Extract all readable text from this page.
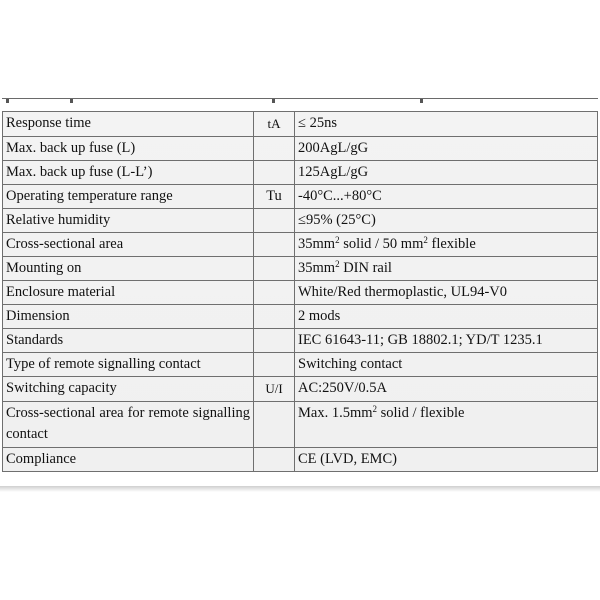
Response time	tA	≤ 25ns
Max. back up fuse (L)		200AgL/gG
Max. back up fuse (L-L’)		125AgL/gG
Operating temperature range	Tu	-40°C...+80°C
Relative humidity		≤95% (25°C)
Cross-sectional area		$35mm^2$ solid / 50 $mm^2$ flexible
Mounting on		$35mm^2$ DIN rail
Enclosure material		White/Red thermoplastic, UL94-V0
Dimension		2 mods
Standards		IEC 61643-11; GB 18802.1; YD/T 1235.1
Type of remote signalling contact		Switching contact
Switching capacity	U/I	AC:250V/0.5A
Cross-sectional area for remote signalling contact		Max. $1.5mm^2$ solid / flexible
Compliance		CE (LVD, EMC)
